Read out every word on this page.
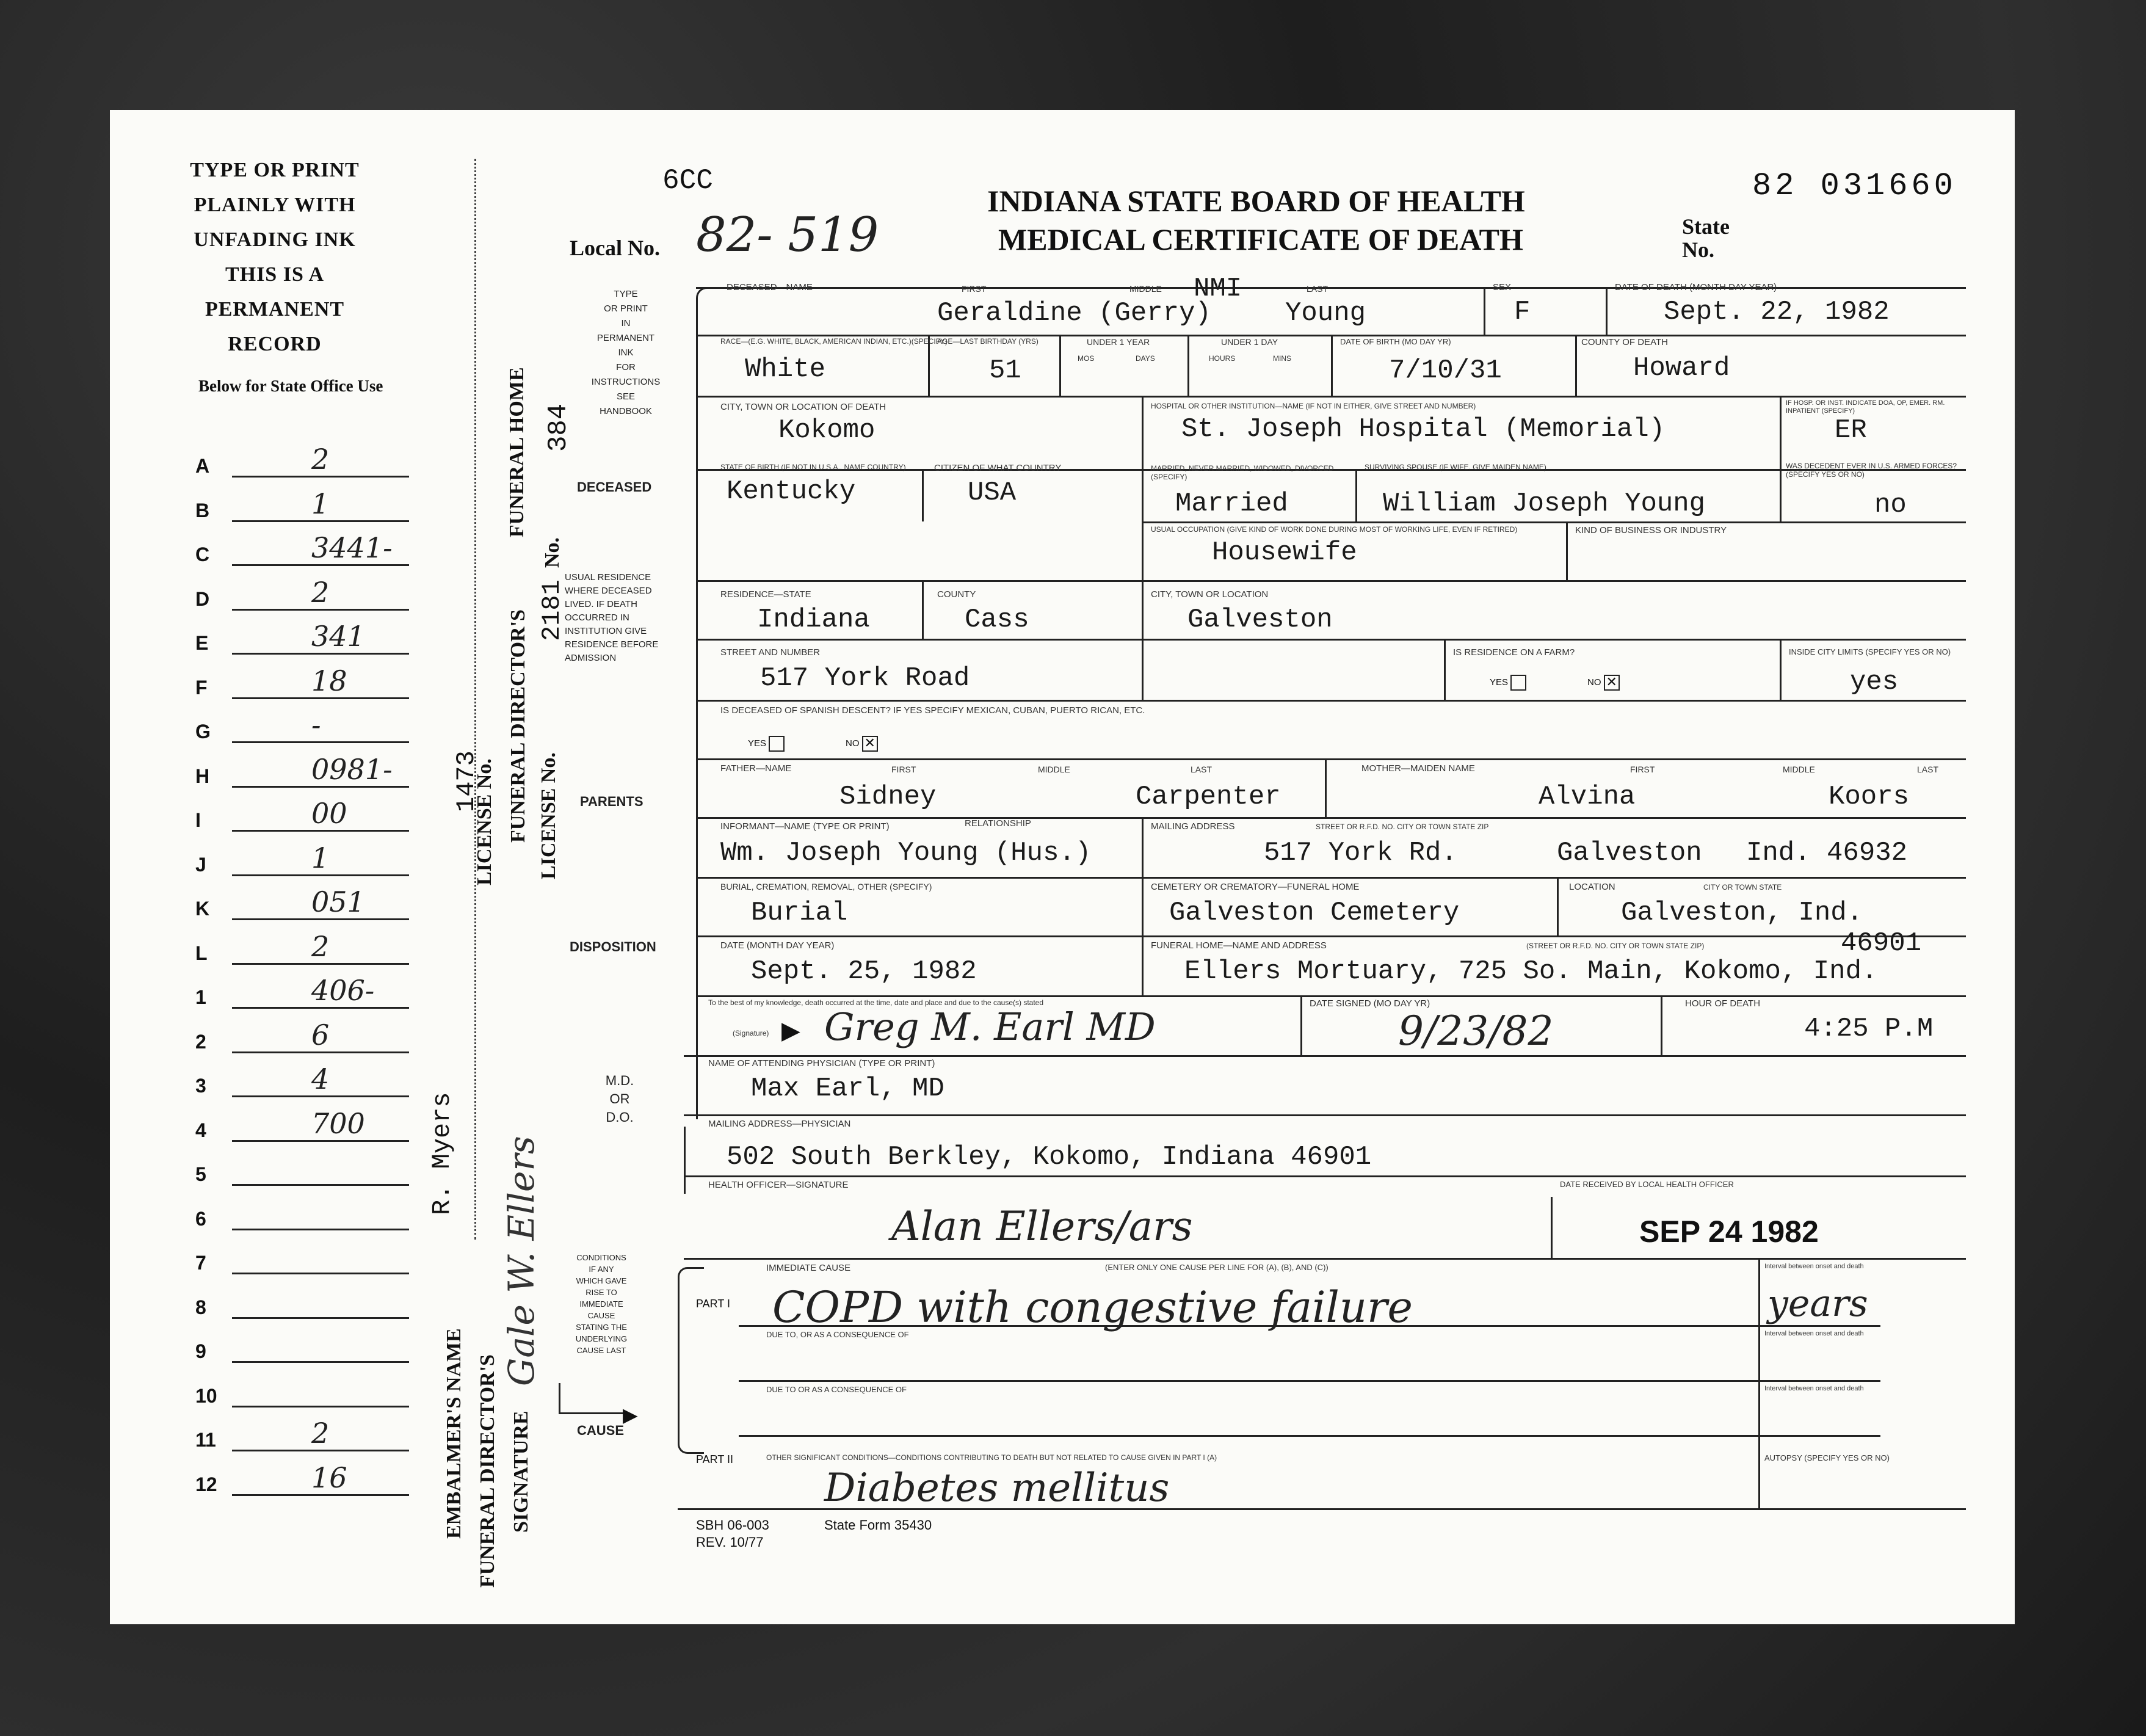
TYPE OR PRINT
PLAINLY WITH
UNFADING INK
THIS IS A
PERMANENT
RECORD
Below for State Office Use
A	2
B	1
C	3441-
D	2
E	341
F	18
G	-
H	0981-
I	00
J	1
K	051
L	2
1	406-
2	6
3	4
4	700
5
6
7
8
9
10
11	2
12	16
FUNERAL HOME 384
No.
LICENSE No.
1473 FUNERAL DIRECTOR'S LICENSE No.
2181
EMBALMER'S NAME
R. Myers
FUNERAL DIRECTOR'S SIGNATURE
Gale W. Ellers
6CC
Local No. 82- 519
INDIANA STATE BOARD OF HEALTH
MEDICAL CERTIFICATE OF DEATH	State
No.
82 031660
TYPE
OR PRINT
IN
PERMANENT
INK
FOR
INSTRUCTIONS
SEE
HANDBOOK
DECEASED
USUAL RESIDENCE
WHERE DECEASED
LIVED. IF DEATH
OCCURRED IN
INSTITUTION GIVE
RESIDENCE BEFORE
ADMISSION
PARENTS
DISPOSITION
M.D.
OR
D.O.
CONDITIONS
IF ANY
WHICH GAVE
RISE TO
IMMEDIATE
CAUSE
STATING THE
UNDERLYING
CAUSE LAST
▶
CAUSE
DECEASED—NAME	FIRST	MIDDLE	LAST
Geraldine (Gerry)
NMI
Young
SEX
F
DATE OF DEATH (MONTH DAY YEAR)
Sept. 22, 1982
RACE—(E.G. WHITE, BLACK, AMERICAN INDIAN, ETC.)(SPECIFY)
White
AGE—LAST BIRTHDAY (YRS)
51
UNDER 1 YEAR
MOS	DAYS
UNDER 1 DAY
HOURS	MINS
DATE OF BIRTH (MO DAY YR)
7/10/31
COUNTY OF DEATH
Howard
CITY, TOWN OR LOCATION OF DEATH
Kokomo
HOSPITAL OR OTHER INSTITUTION—NAME (IF NOT IN EITHER, GIVE STREET AND NUMBER)
St. Joseph Hospital (Memorial)
IF HOSP. OR INST. INDICATE DOA, OP, EMER. RM. INPATIENT (SPECIFY)
ER
STATE OF BIRTH (IF NOT IN U.S.A., NAME COUNTRY)
Kentucky
CITIZEN OF WHAT COUNTRY
USA
MARRIED, NEVER MARRIED, WIDOWED, DIVORCED (SPECIFY)
Married
SURVIVING SPOUSE (IF WIFE, GIVE MAIDEN NAME)
William Joseph Young
WAS DECEDENT EVER IN U.S. ARMED FORCES? (SPECIFY YES OR NO)
no
USUAL OCCUPATION (GIVE KIND OF WORK DONE DURING MOST OF WORKING LIFE, EVEN IF RETIRED)
Housewife
KIND OF BUSINESS OR INDUSTRY
RESIDENCE—STATE
Indiana
COUNTY
Cass
CITY, TOWN OR LOCATION
Galveston
STREET AND NUMBER
517 York Road
IS RESIDENCE ON A FARM?
YES	NO ✕
INSIDE CITY LIMITS (SPECIFY YES OR NO)
yes
IS DECEASED OF SPANISH DESCENT? IF YES SPECIFY MEXICAN, CUBAN, PUERTO RICAN, ETC.
YES	NO ✕
FATHER—NAME	FIRST	MIDDLE	LAST
Sidney	Carpenter
MOTHER—MAIDEN NAME	FIRST	MIDDLE	LAST
Alvina	Koors
INFORMANT—NAME (TYPE OR PRINT)	RELATIONSHIP
Wm. Joseph Young (Hus.)
MAILING ADDRESS	STREET OR R.F.D. NO. CITY OR TOWN STATE ZIP
517 York Rd.	Galveston Ind. 46932
BURIAL, CREMATION, REMOVAL, OTHER (SPECIFY)
Burial
CEMETERY OR CREMATORY—FUNERAL HOME
Galveston Cemetery
LOCATION	CITY OR TOWN STATE
Galveston, Ind.
DATE (MONTH DAY YEAR)
Sept. 25, 1982
FUNERAL HOME—NAME AND ADDRESS	(STREET OR R.F.D. NO. CITY OR TOWN STATE ZIP)
Ellers Mortuary, 725 So. Main, Kokomo, Ind.
46901
To the best of my knowledge, death occurred at the time, date and place and due to the cause(s) stated
(Signature) ▶ Greg M. Earl MD
DATE SIGNED (MO DAY YR)
9/23/82
HOUR OF DEATH
4:25 P.M
NAME OF ATTENDING PHYSICIAN (TYPE OR PRINT)
Max Earl, MD
MAILING ADDRESS—PHYSICIAN
502 South Berkley, Kokomo, Indiana 46901
HEALTH OFFICER—SIGNATURE
Alan Ellers/ars
DATE RECEIVED BY LOCAL HEALTH OFFICER
SEP 24 1982
IMMEDIATE CAUSE	(ENTER ONLY ONE CAUSE PER LINE FOR (A), (B), AND (C))	Interval between onset and death
PART I COPD with congestive failure	years
DUE TO, OR AS A CONSEQUENCE OF	Interval between onset and death
DUE TO OR AS A CONSEQUENCE OF	Interval between onset and death
PART II	OTHER SIGNIFICANT CONDITIONS—CONDITIONS CONTRIBUTING TO DEATH BUT NOT RELATED TO CAUSE GIVEN IN PART I (A)
Diabetes mellitus
AUTOPSY (SPECIFY YES OR NO)
SBH 06-003	State Form 35430
REV. 10/77
